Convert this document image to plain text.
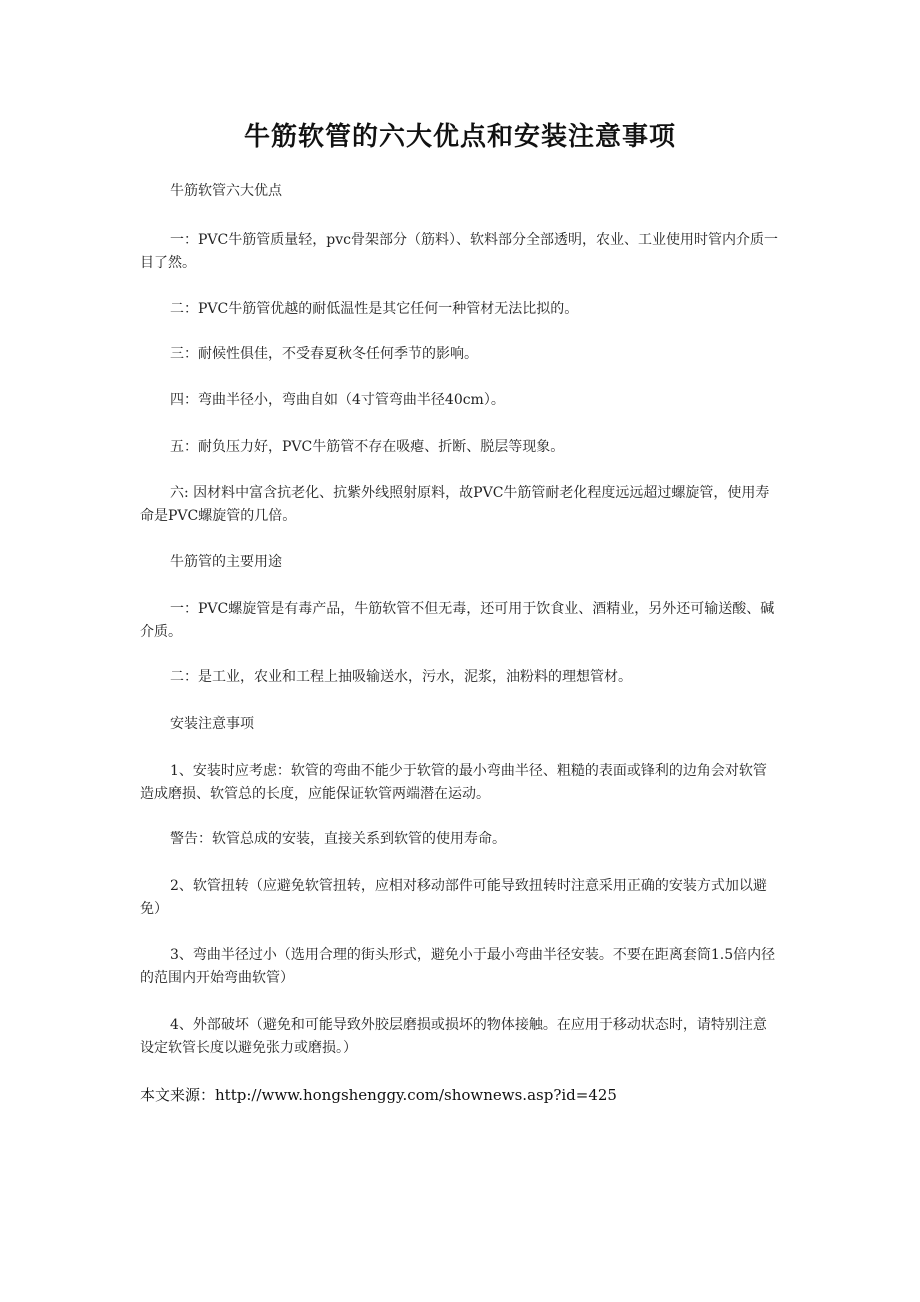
牛筋软管的六大优点和安装注意事项
牛筋软管六大优点
一：PVC牛筋管质量轻，pvc骨架部分（筋料）、软料部分全部透明，农业、工业使用时管内介质一目了然。
二：PVC牛筋管优越的耐低温性是其它任何一种管材无法比拟的。
三：耐候性俱佳，不受春夏秋冬任何季节的影响。
四：弯曲半径小，弯曲自如（4寸管弯曲半径40cm）。
五：耐负压力好，PVC牛筋管不存在吸瘪、折断、脱层等现象。
六: 因材料中富含抗老化、抗紫外线照射原料，故PVC牛筋管耐老化程度远远超过螺旋管，使用寿命是PVC螺旋管的几倍。
牛筋管的主要用途
一：PVC螺旋管是有毒产品，牛筋软管不但无毒，还可用于饮食业、酒精业，另外还可输送酸、碱介质。
二：是工业，农业和工程上抽吸输送水，污水，泥浆，油粉料的理想管材。
安装注意事项
1、安装时应考虑：软管的弯曲不能少于软管的最小弯曲半径、粗糙的表面或锋利的边角会对软管造成磨损、软管总的长度，应能保证软管两端潜在运动。
警告：软管总成的安装，直接关系到软管的使用寿命。
2、软管扭转（应避免软管扭转，应相对移动部件可能导致扭转时注意采用正确的安装方式加以避免）
3、弯曲半径过小（选用合理的街头形式，避免小于最小弯曲半径安装。不要在距离套筒1.5倍内径的范围内开始弯曲软管）
4、外部破坏（避免和可能导致外胶层磨损或损坏的物体接触。在应用于移动状态时，请特别注意设定软管长度以避免张力或磨损。）
本文来源：http://www.hongshenggy.com/shownews.asp?id=425
